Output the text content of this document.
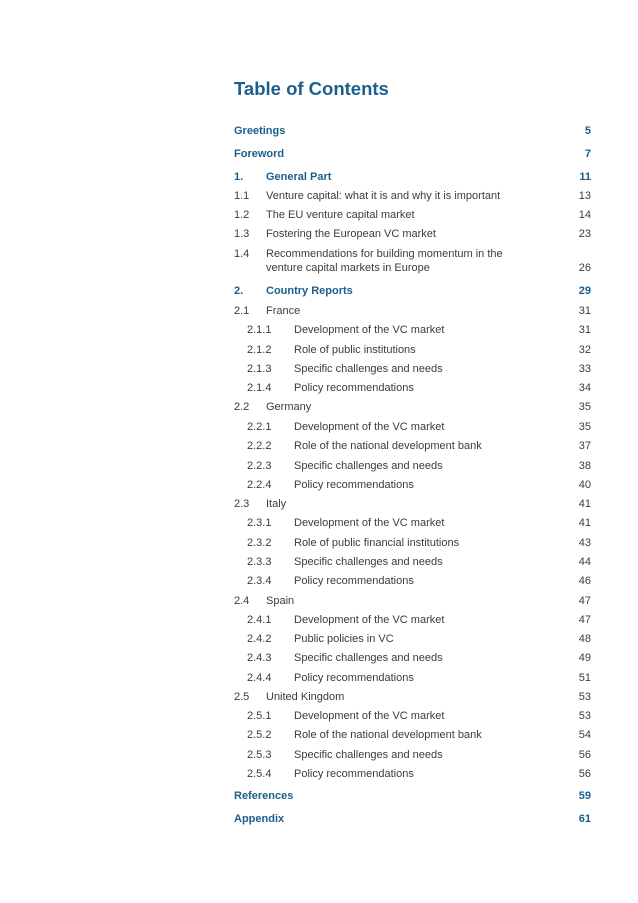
Table of Contents
Greetings	5
Foreword	7
1. General Part	11
1.1 Venture capital: what it is and why it is important	13
1.2 The EU venture capital market	14
1.3 Fostering the European VC market	23
1.4 Recommendations for building momentum in the
venture capital markets in Europe	26
2. Country Reports	29
2.1 France	31
2.1.1 Development of the VC market	31
2.1.2 Role of public institutions	32
2.1.3 Specific challenges and needs	33
2.1.4 Policy recommendations	34
2.2 Germany	35
2.2.1 Development of the VC market	35
2.2.2 Role of the national development bank	37
2.2.3 Specific challenges and needs	38
2.2.4 Policy recommendations	40
2.3 Italy	41
2.3.1 Development of the VC market	41
2.3.2 Role of public financial institutions	43
2.3.3 Specific challenges and needs	44
2.3.4 Policy recommendations	46
2.4 Spain	47
2.4.1 Development of the VC market	47
2.4.2 Public policies in VC	48
2.4.3 Specific challenges and needs	49
2.4.4 Policy recommendations	51
2.5 United Kingdom	53
2.5.1 Development of the VC market	53
2.5.2 Role of the national development bank	54
2.5.3 Specific challenges and needs	56
2.5.4 Policy recommendations	56
References	59
Appendix	61
